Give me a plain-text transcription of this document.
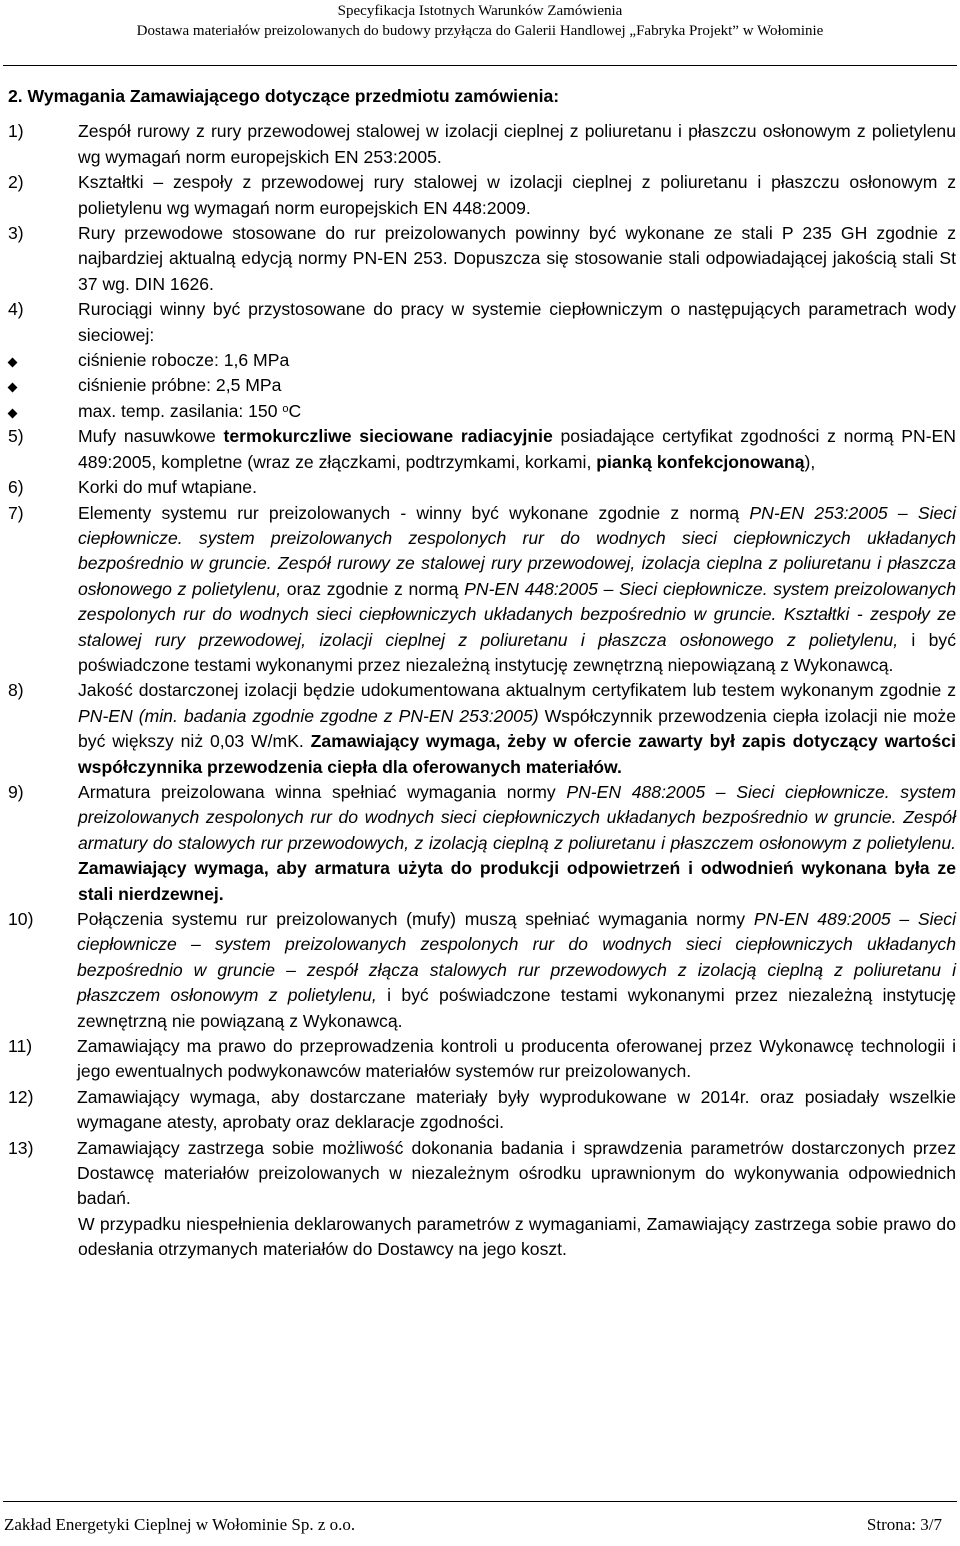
Specyfikacja Istotnych Warunków Zamówienia
Dostawa materiałów preizolowanych do budowy przyłącza do Galerii Handlowej „Fabryka Projekt” w Wołominie

2. Wymagania Zamawiającego dotyczące przedmiotu zamówienia:

1)	Zespół rurowy z rury przewodowej stalowej w izolacji cieplnej z poliuretanu i płaszczu osłonowym z polietylenu wg wymagań norm europejskich EN 253:2005.
2)	Kształtki – zespoły z przewodowej rury stalowej w izolacji cieplnej z poliuretanu i płaszczu osłonowym z polietylenu wg wymagań norm europejskich EN 448:2009.
3)	Rury przewodowe stosowane do rur preizolowanych powinny być wykonane ze stali P 235 GH zgodnie z najbardziej aktualną edycją normy PN-EN 253. Dopuszcza się stosowanie stali odpowiadającej jakością stali St 37 wg. DIN 1626.
4)	Rurociągi winny być przystosowane do pracy w systemie ciepłowniczym o następujących parametrach wody sieciowej:
ciśnienie robocze: 1,6 MPa
ciśnienie próbne: 2,5 MPa
max. temp. zasilania: 150 $^o$C
5)	Mufy nasuwkowe termokurczliwe sieciowane radiacyjnie posiadające certyfikat zgodności z normą PN-EN 489:2005, kompletne (wraz ze złączkami, podtrzymkami, korkami, pianką konfekcjonowaną),
6)	Korki do muf wtapiane.
7)	Elementy systemu rur preizolowanych - winny być wykonane zgodnie z normą PN-EN 253:2005 – Sieci ciepłownicze. system preizolowanych zespolonych rur do wodnych sieci ciepłowniczych układanych bezpośrednio w gruncie. Zespół rurowy ze stalowej rury przewodowej, izolacja cieplna z poliuretanu i płaszcza osłonowego z polietylenu, oraz zgodnie z normą PN-EN 448:2005 – Sieci ciepłownicze. system preizolowanych zespolonych rur do wodnych sieci ciepłowniczych układanych bezpośrednio w gruncie. Kształtki - zespoły ze stalowej rury przewodowej, izolacji cieplnej z poliuretanu i płaszcza osłonowego z polietylenu, i być poświadczone testami wykonanymi przez niezależną instytucję zewnętrzną niepowiązaną z Wykonawcą.
8)	Jakość dostarczonej izolacji będzie udokumentowana aktualnym certyfikatem lub testem wykonanym zgodnie z PN-EN (min. badania zgodnie zgodne z PN-EN 253:2005) Współczynnik przewodzenia ciepła izolacji nie może być większy niż 0,03 W/mK. Zamawiający wymaga, żeby w ofercie zawarty był zapis dotyczący wartości współczynnika przewodzenia ciepła dla oferowanych materiałów.
9)	Armatura preizolowana winna spełniać wymagania normy PN-EN 488:2005 – Sieci ciepłownicze. system preizolowanych zespolonych rur do wodnych sieci ciepłowniczych układanych bezpośrednio w gruncie. Zespół armatury do stalowych rur przewodowych, z izolacją cieplną z poliuretanu i płaszczem osłonowym z polietylenu. Zamawiający wymaga, aby armatura użyta do produkcji odpowietrzeń i odwodnień wykonana była ze stali nierdzewnej.
10)	Połączenia systemu rur preizolowanych (mufy) muszą spełniać wymagania normy PN-EN 489:2005 – Sieci ciepłownicze – system preizolowanych zespolonych rur do wodnych sieci ciepłowniczych układanych bezpośrednio w gruncie – zespół złącza stalowych rur przewodowych z izolacją cieplną z poliuretanu i płaszczem osłonowym z polietylenu, i być poświadczone testami wykonanymi przez niezależną instytucję zewnętrzną nie powiązaną z Wykonawcą.
11)	Zamawiający ma prawo do przeprowadzenia kontroli u producenta oferowanej przez Wykonawcę technologii i jego ewentualnych podwykonawców materiałów systemów rur preizolowanych.
12)	Zamawiający wymaga, aby dostarczane materiały były wyprodukowane w 2014r. oraz posiadały wszelkie wymagane atesty, aprobaty oraz deklaracje zgodności.
13)	Zamawiający zastrzega sobie możliwość dokonania badania i sprawdzenia parametrów dostarczonych przez Dostawcę materiałów preizolowanych w niezależnym ośrodku uprawnionym do wykonywania odpowiednich badań.

W przypadku niespełnienia deklarowanych parametrów z wymaganiami, Zamawiający zastrzega sobie prawo do odesłania otrzymanych materiałów do Dostawcy na jego koszt.

Zakład Energetyki Cieplnej w Wołominie Sp. z o.o.	Strona: 3/7
